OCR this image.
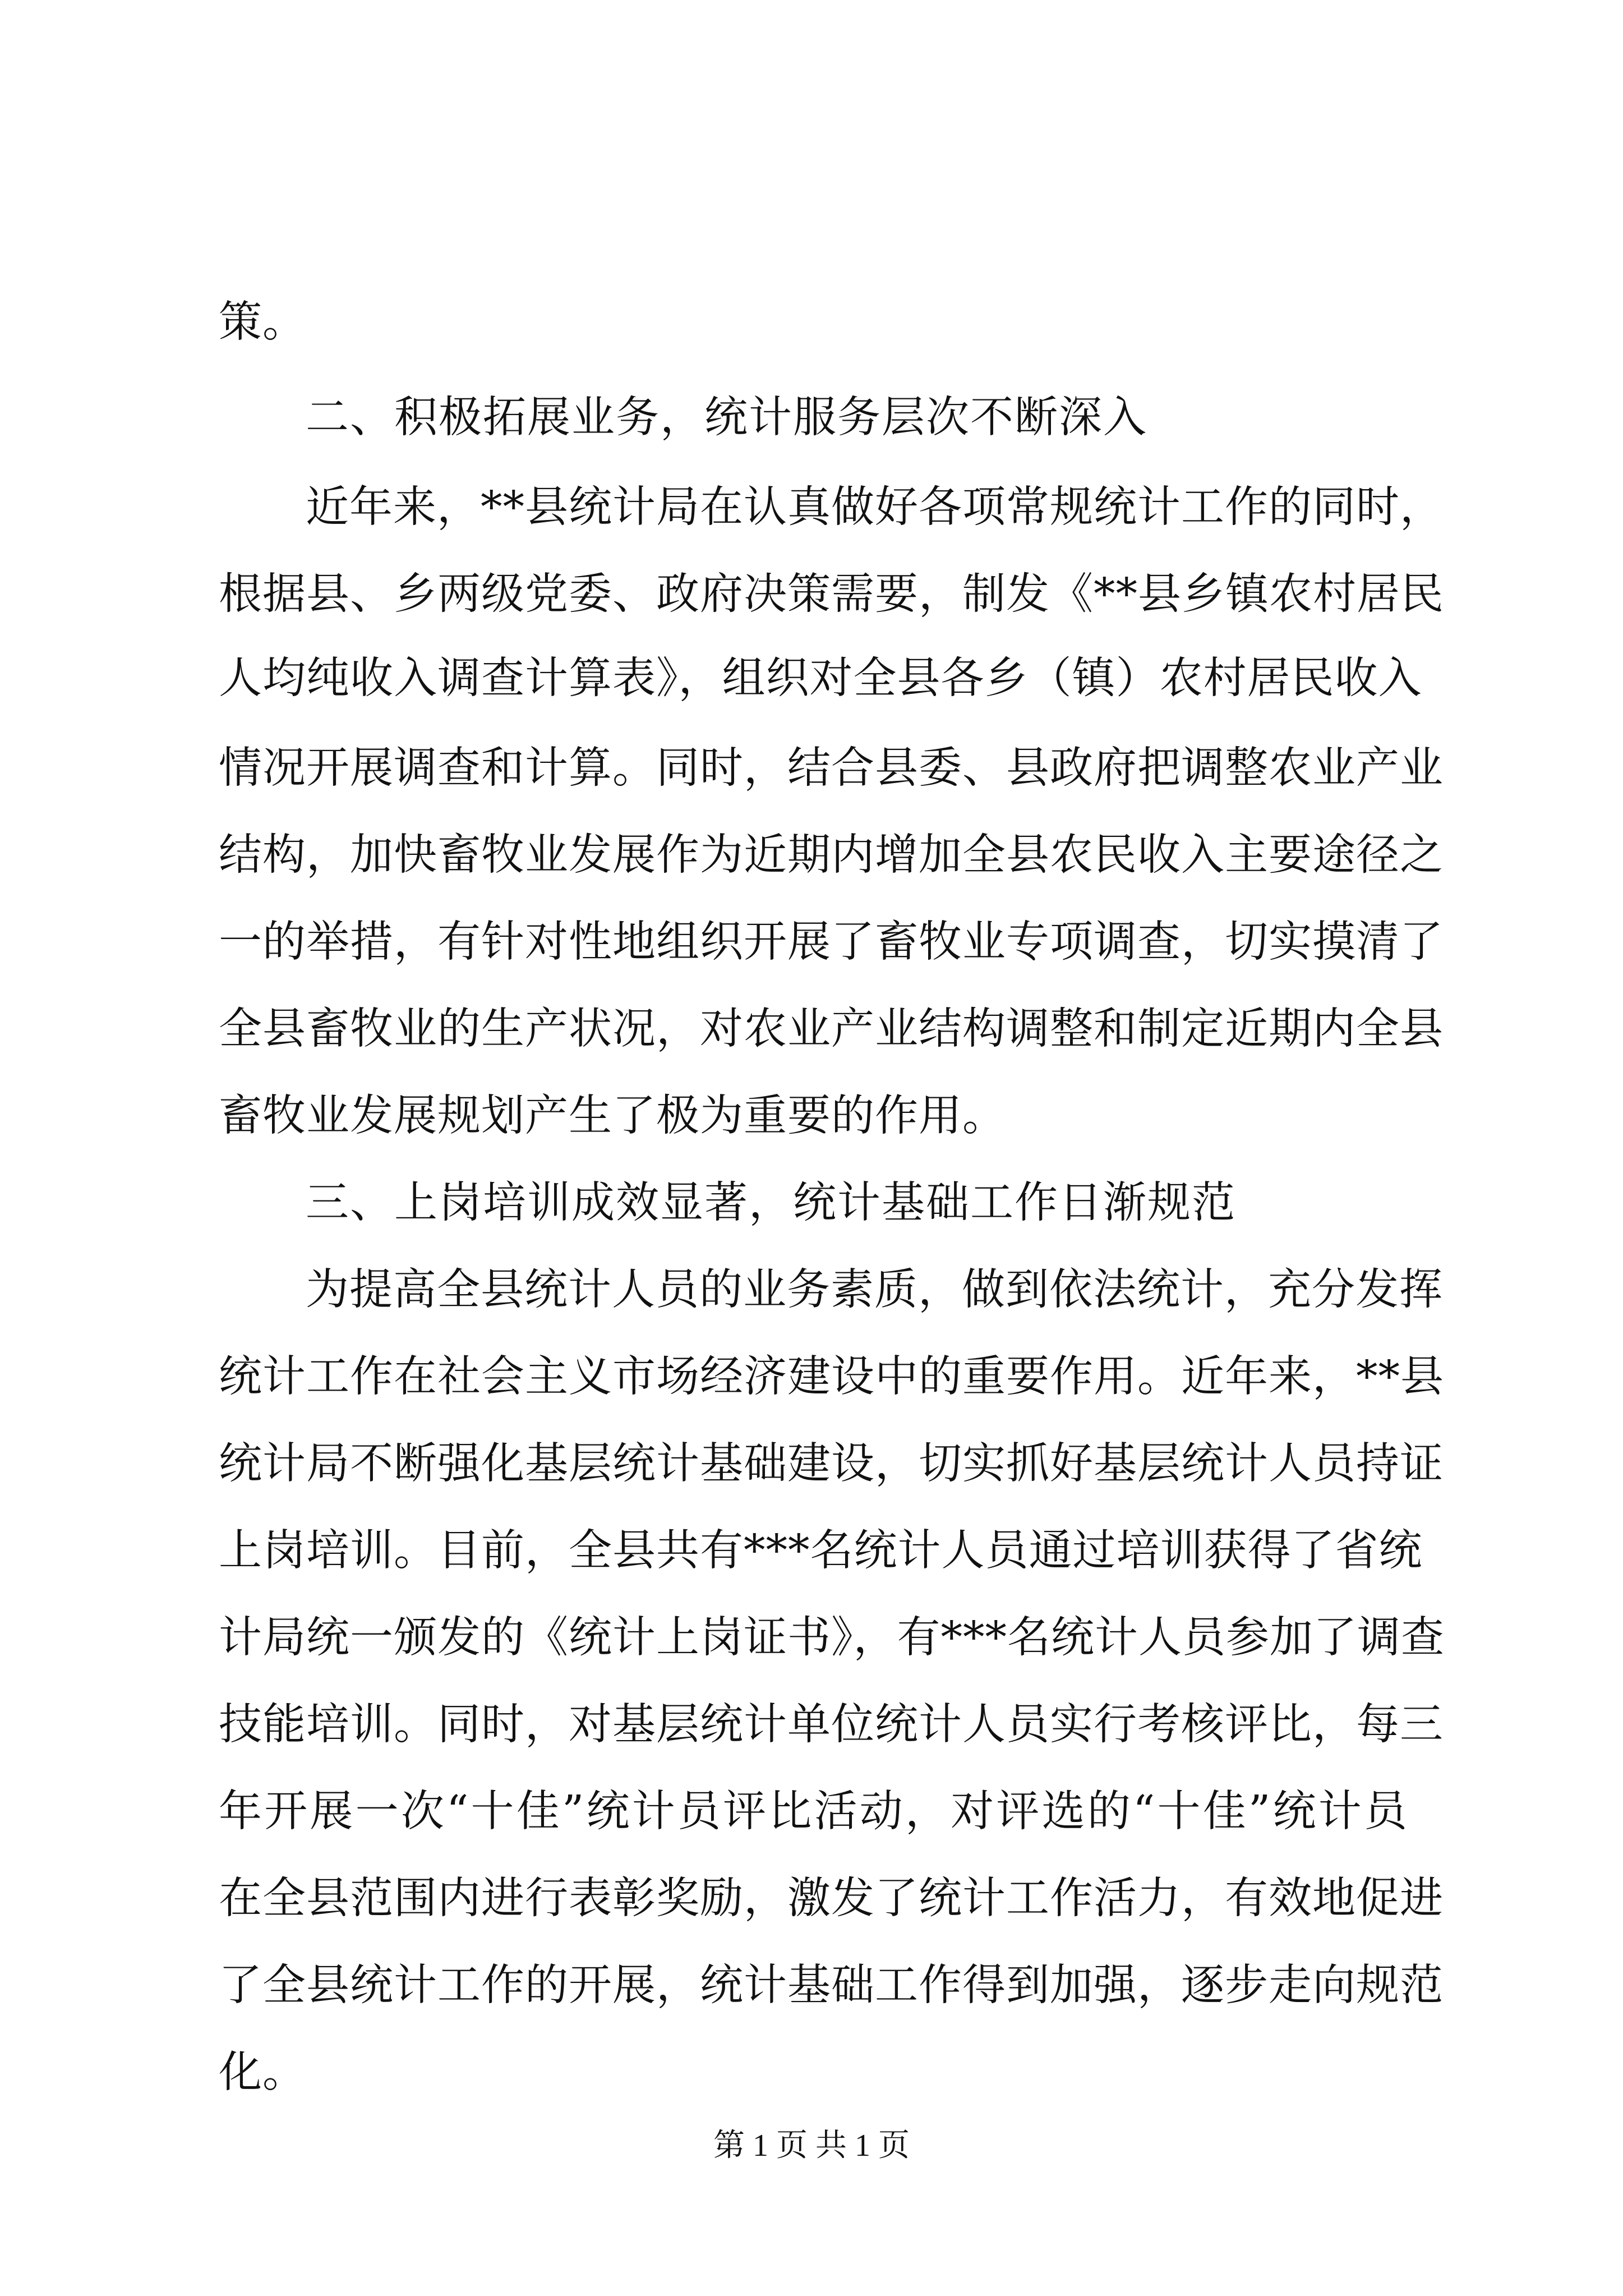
策。
二、积极拓展业务，统计服务层次不断深入
近年来，**县统计局在认真做好各项常规统计工作的同时，
根据县、乡两级党委、政府决策需要，制发《**县乡镇农村居民
人均纯收入调查计算表》，组织对全县各乡（镇）农村居民收入
情况开展调查和计算。同时，结合县委、县政府把调整农业产业
结构，加快畜牧业发展作为近期内增加全县农民收入主要途径之
一的举措，有针对性地组织开展了畜牧业专项调查，切实摸清了
全县畜牧业的生产状况，对农业产业结构调整和制定近期内全县
畜牧业发展规划产生了极为重要的作用。
三、上岗培训成效显著，统计基础工作日渐规范
为提高全县统计人员的业务素质，做到依法统计，充分发挥
统计工作在社会主义市场经济建设中的重要作用。近年来，**县
统计局不断强化基层统计基础建设，切实抓好基层统计人员持证
上岗培训。目前，全县共有***名统计人员通过培训获得了省统
计局统一颁发的《统计上岗证书》，有***名统计人员参加了调查
技能培训。同时，对基层统计单位统计人员实行考核评比，每三
年开展一次“十佳”统计员评比活动，对评选的“十佳”统计员
在全县范围内进行表彰奖励，激发了统计工作活力，有效地促进
了全县统计工作的开展，统计基础工作得到加强，逐步走向规范
化。
第 1 页 共 1 页
